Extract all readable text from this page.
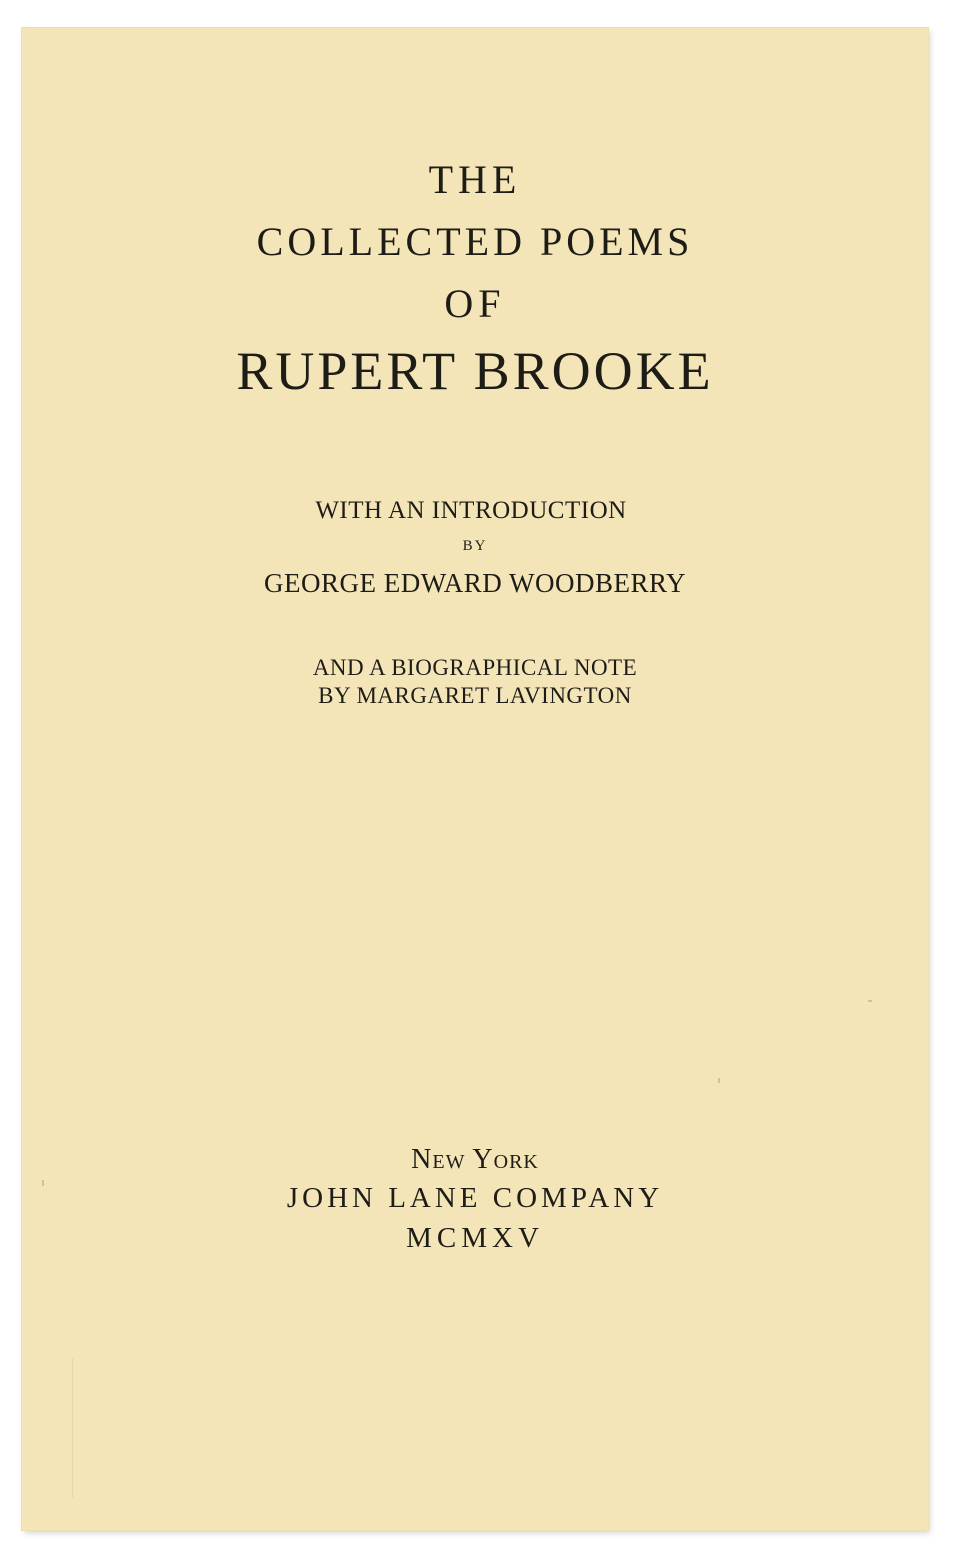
THE
COLLECTED POEMS
OF
RUPERT BROOKE
WITH AN INTRODUCTION
BY
GEORGE EDWARD WOODBERRY
AND A BIOGRAPHICAL NOTE
BY MARGARET LAVINGTON
New York
JOHN LANE COMPANY
MCMXV
